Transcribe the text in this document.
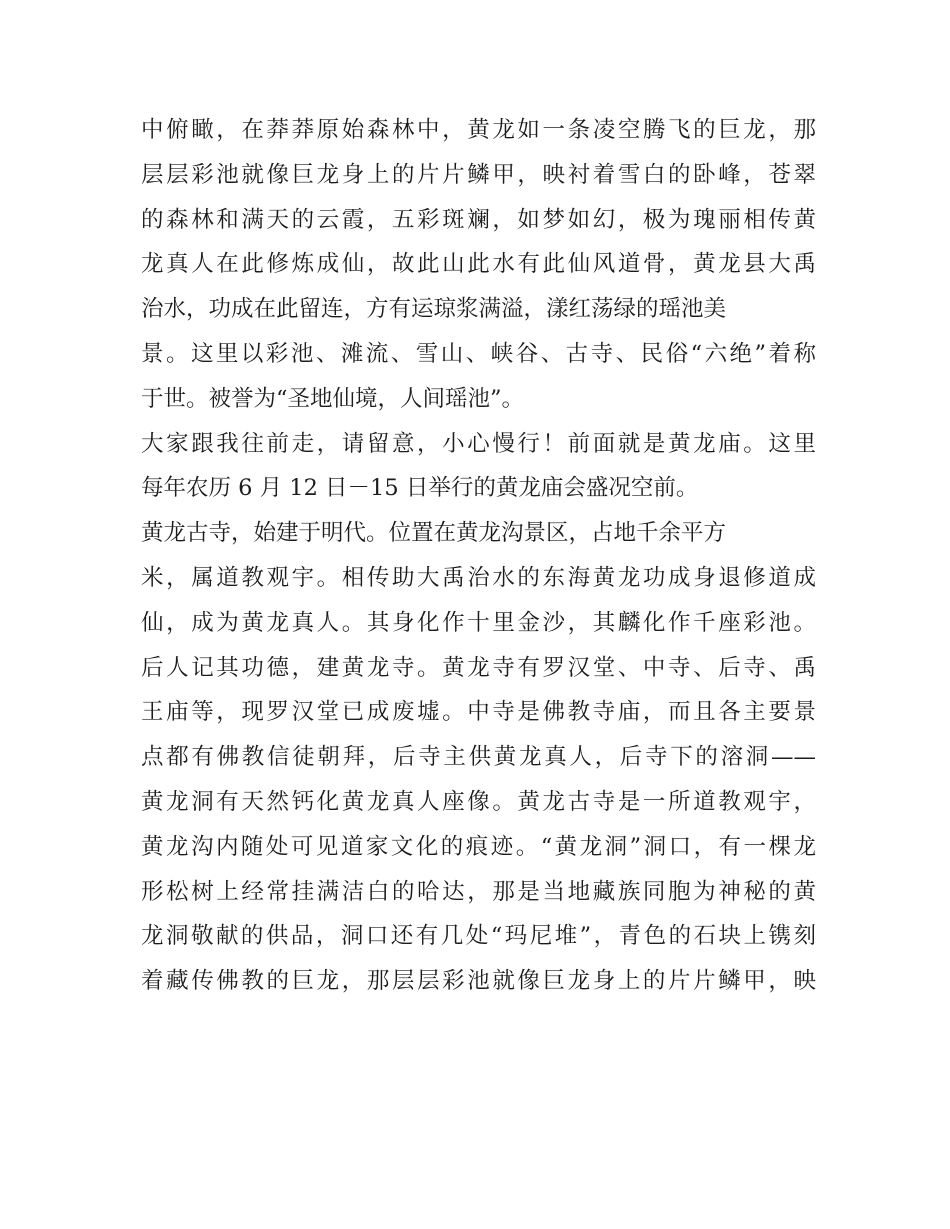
中俯瞰，在莽莽原始森林中，黄龙如一条凌空腾飞的巨龙，那
层层彩池就像巨龙身上的片片鳞甲，映衬着雪白的卧峰，苍翠
的森林和满天的云霞，五彩斑斓，如梦如幻，极为瑰丽相传黄
龙真人在此修炼成仙，故此山此水有此仙风道骨，黄龙县大禹
治水，功成在此留连，方有运琼浆满溢，漾红荡绿的瑶池美
景。这里以彩池、滩流、雪山、峡谷、古寺、民俗“六绝”着称
于世。被誉为“圣地仙境，人间瑶池”。
大家跟我往前走，请留意，小心慢行！前面就是黄龙庙。这里
每年农历 6 月 12 日－15 日举行的黄龙庙会盛况空前。
黄龙古寺，始建于明代。位置在黄龙沟景区，占地千余平方
米，属道教观宇。相传助大禹治水的东海黄龙功成身退修道成
仙，成为黄龙真人。其身化作十里金沙，其麟化作千座彩池。
后人记其功德，建黄龙寺。黄龙寺有罗汉堂、中寺、后寺、禹
王庙等，现罗汉堂已成废墟。中寺是佛教寺庙，而且各主要景
点都有佛教信徒朝拜，后寺主供黄龙真人，后寺下的溶洞——
黄龙洞有天然钙化黄龙真人座像。黄龙古寺是一所道教观宇，
黄龙沟内随处可见道家文化的痕迹。“黄龙洞”洞口，有一棵龙
形松树上经常挂满洁白的哈达，那是当地藏族同胞为神秘的黄
龙洞敬献的供品，洞口还有几处“玛尼堆”，青色的石块上镌刻
着藏传佛教的巨龙，那层层彩池就像巨龙身上的片片鳞甲，映
